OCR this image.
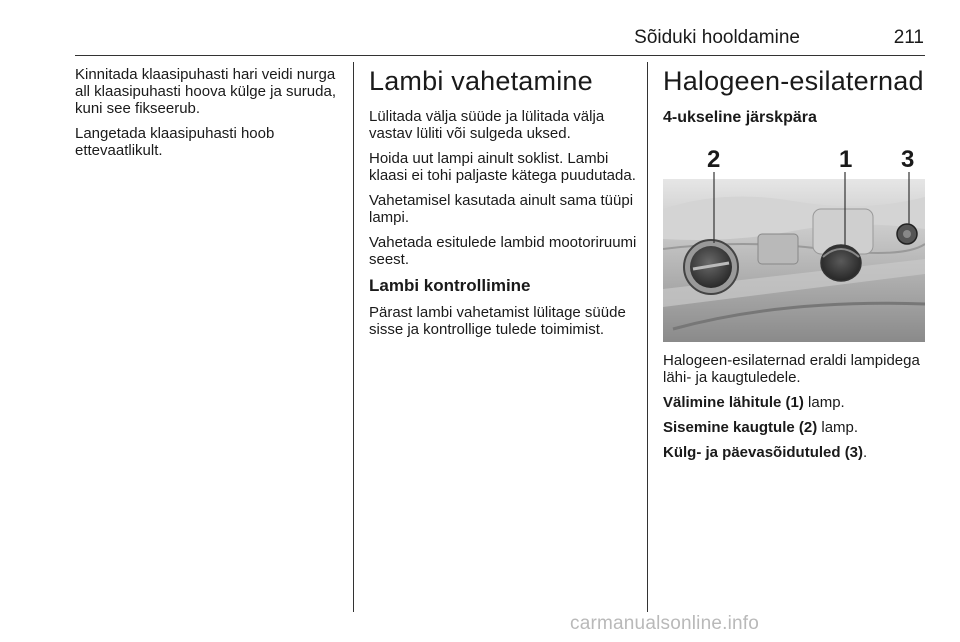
Sõiduki hooldamine	211

Kinnitada klaasipuhasti hari veidi nurga all klaasipuhasti hoova külge ja suruda, kuni see fikseerub.

Langetada klaasipuhasti hoob ettevaatlikult.

Lambi vahetamine

Lülitada välja süüde ja lülitada välja vastav lüliti või sulgeda uksed.

Hoida uut lampi ainult soklist. Lambi klaasi ei tohi paljaste kätega puudutada.

Vahetamisel kasutada ainult sama tüüpi lampi.

Vahetada esitulede lambid mootoriruumi seest.

Lambi kontrollimine

Pärast lambi vahetamist lülitage süüde sisse ja kontrollige tulede toimimist.

Halogeen-esilaternad
4-ukseline järskpära
2	1 3

Halogeen-esilaternad eraldi lampidega lähi- ja kaugtuledele.

Välimine lähitule (1) lamp.

Sisemine kaugtule (2) lamp.

Külg- ja päevasõidutuled (3).

carmanualsonline.info
